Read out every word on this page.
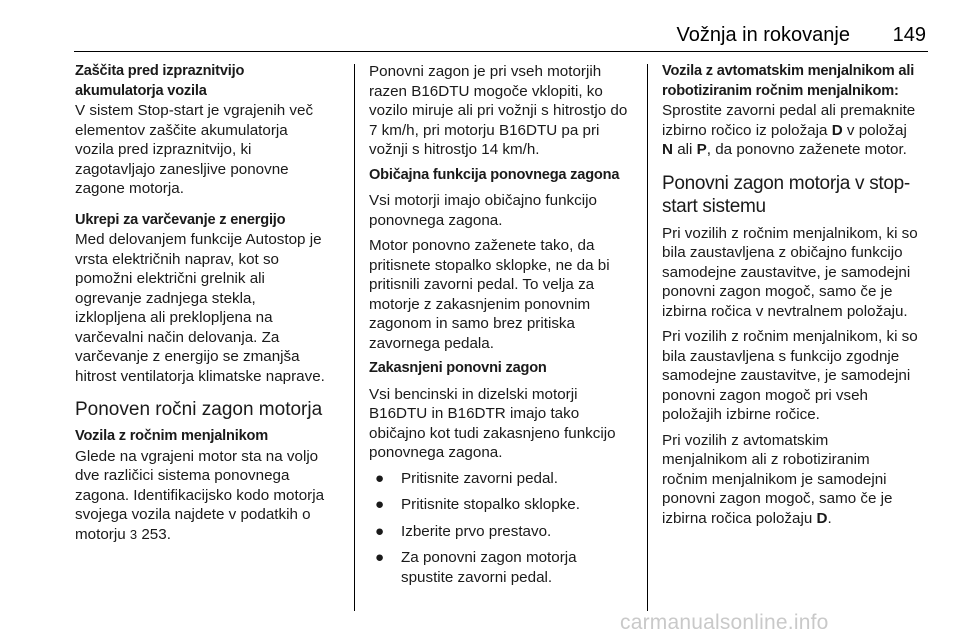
Vožnja in rokovanje	149
Zaščita pred izpraznitvijo
akumulatorja vozila
V sistem Stop-start je vgrajenih več
elementov zaščite akumulatorja
vozila pred izpraznitvijo, ki
zagotavljajo zanesljive ponovne
zagone motorja.
Ukrepi za varčevanje z energijo
Med delovanjem funkcije Autostop je
vrsta električnih naprav, kot so
pomožni električni grelnik ali
ogrevanje zadnjega stekla,
izklopljena ali preklopljena na
varčevalni način delovanja. Za
varčevanje z energijo se zmanjša
hitrost ventilatorja klimatske naprave.
Ponoven ročni zagon motorja
Vozila z ročnim menjalnikom
Glede na vgrajeni motor sta na voljo
dve različici sistema ponovnega
zagona. Identifikacijsko kodo motorja
svojega vozila najdete v podatkih o
motorju 3 253.
Ponovni zagon je pri vseh motorjih
razen B16DTU mogoče vklopiti, ko
vozilo miruje ali pri vožnji s hitrostjo do
7 km/h, pri motorju B16DTU pa pri
vožnji s hitrostjo 14 km/h.
Običajna funkcija ponovnega zagona
Vsi motorji imajo običajno funkcijo
ponovnega zagona.
Motor ponovno zaženete tako, da
pritisnete stopalko sklopke, ne da bi
pritisnili zavorni pedal. To velja za
motorje z zakasnjenim ponovnim
zagonom in samo brez pritiska
zavornega pedala.
Zakasnjeni ponovni zagon
Vsi bencinski in dizelski motorji
B16DTU in B16DTR imajo tako
običajno kot tudi zakasnjeno funkcijo
ponovnega zagona.
●	Pritisnite zavorni pedal.
●	Pritisnite stopalko sklopke.
●	Izberite prvo prestavo.
●	Za ponovni zagon motorja
spustite zavorni pedal.
Vozila z avtomatskim menjalnikom ali
robotiziranim ročnim menjalnikom:
Sprostite zavorni pedal ali premaknite
izbirno ročico iz položaja D v položaj
N ali P, da ponovno zaženete motor.
Ponovni zagon motorja v stop-
start sistemu
Pri vozilih z ročnim menjalnikom, ki so
bila zaustavljena z običajno funkcijo
samodejne zaustavitve, je samodejni
ponovni zagon mogoč, samo če je
izbirna ročica v nevtralnem položaju.
Pri vozilih z ročnim menjalnikom, ki so
bila zaustavljena s funkcijo zgodnje
samodejne zaustavitve, je samodejni
ponovni zagon mogoč pri vseh
položajih izbirne ročice.
Pri vozilih z avtomatskim
menjalnikom ali z robotiziranim
ročnim menjalnikom je samodejni
ponovni zagon mogoč, samo če je
izbirna ročica položaju D.
carmanualsonline.info
